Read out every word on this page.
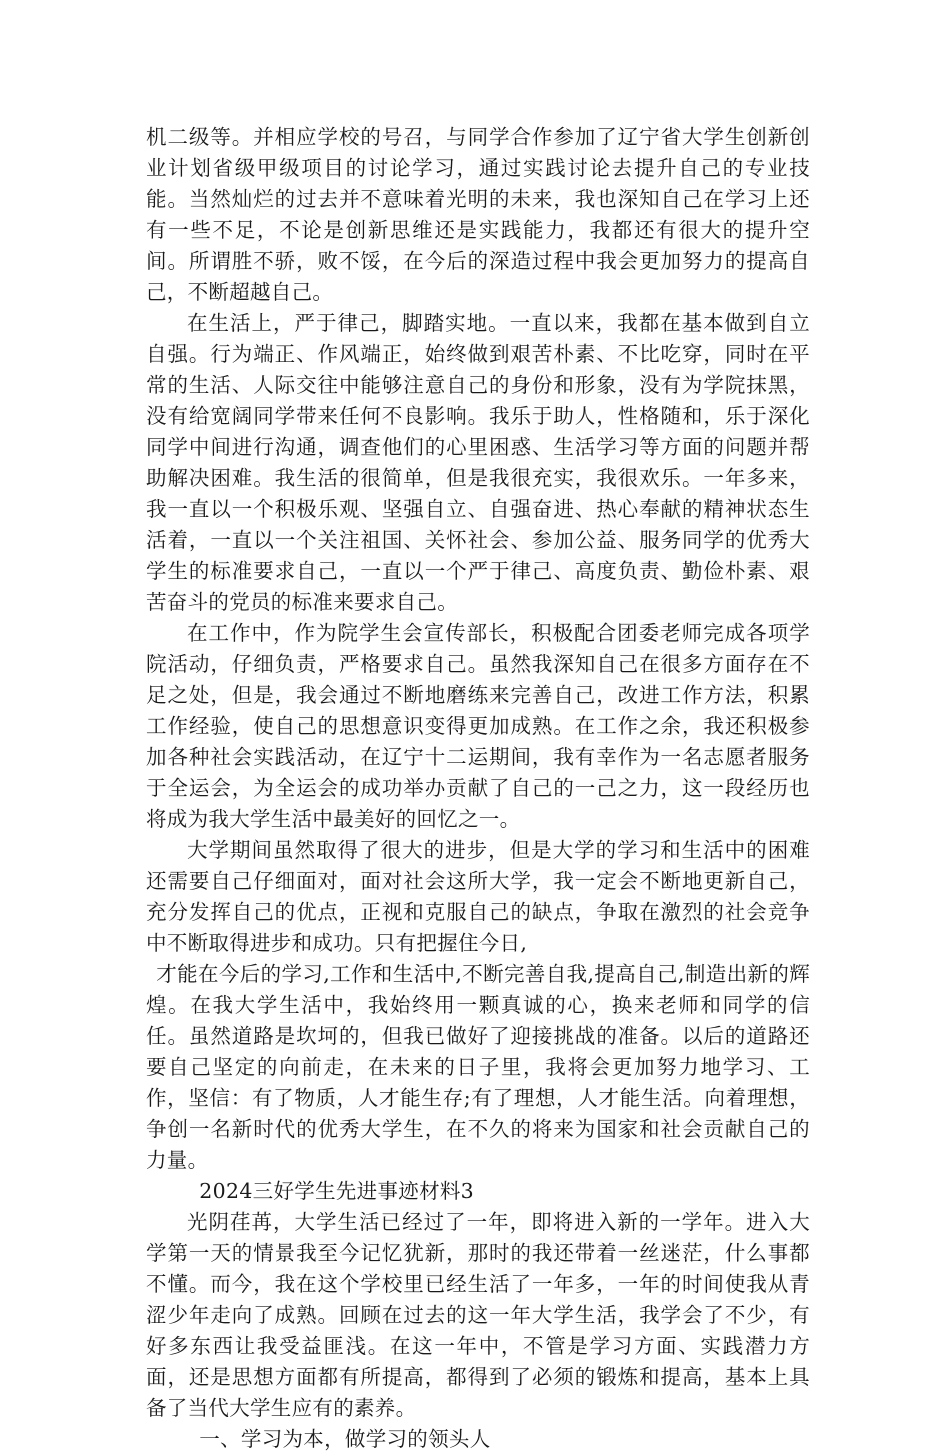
机二级等。并相应学校的号召，与同学合作参加了辽宁省大学生创新创业计划省级甲级项目的讨论学习，通过实践讨论去提升自己的专业技能。当然灿烂的过去并不意味着光明的未来，我也深知自己在学习上还有一些不足，不论是创新思维还是实践能力，我都还有很大的提升空间。所谓胜不骄，败不馁，在今后的深造过程中我会更加努力的提高自己，不断超越自己。

在生活上，严于律己，脚踏实地。一直以来，我都在基本做到自立自强。行为端正、作风端正，始终做到艰苦朴素、不比吃穿，同时在平常的生活、人际交往中能够注意自己的身份和形象，没有为学院抹黑，没有给宽阔同学带来任何不良影响。我乐于助人，性格随和，乐于深化同学中间进行沟通，调查他们的心里困惑、生活学习等方面的问题并帮助解决困难。我生活的很简单，但是我很充实，我很欢乐。一年多来，我一直以一个积极乐观、坚强自立、自强奋进、热心奉献的精神状态生活着，一直以一个关注祖国、关怀社会、参加公益、服务同学的优秀大学生的标准要求自己，一直以一个严于律己、高度负责、勤俭朴素、艰苦奋斗的党员的标准来要求自己。

在工作中，作为院学生会宣传部长，积极配合团委老师完成各项学院活动，仔细负责，严格要求自己。虽然我深知自己在很多方面存在不足之处，但是，我会通过不断地磨练来完善自己，改进工作方法，积累工作经验，使自己的思想意识变得更加成熟。在工作之余，我还积极参加各种社会实践活动，在辽宁十二运期间，我有幸作为一名志愿者服务于全运会，为全运会的成功举办贡献了自己的一己之力，这一段经历也将成为我大学生活中最美好的回忆之一。

大学期间虽然取得了很大的进步，但是大学的学习和生活中的困难还需要自己仔细面对，面对社会这所大学，我一定会不断地更新自己，充分发挥自己的优点，正视和克服自己的缺点，争取在激烈的社会竞争中不断取得进步和成功。只有把握住今日,

才能在今后的学习,工作和生活中,不断完善自我,提高自己,制造出新的辉煌。在我大学生活中，我始终用一颗真诚的心，换来老师和同学的信任。虽然道路是坎坷的，但我已做好了迎接挑战的准备。以后的道路还要自己坚定的向前走，在未来的日子里，我将会更加努力地学习、工作，坚信：有了物质，人才能生存;有了理想，人才能生活。向着理想，争创一名新时代的优秀大学生，在不久的将来为国家和社会贡献自己的力量。

2024三好学生先进事迹材料3

光阴荏苒，大学生活已经过了一年，即将进入新的一学年。进入大学第一天的情景我至今记忆犹新，那时的我还带着一丝迷茫，什么事都不懂。而今，我在这个学校里已经生活了一年多，一年的时间使我从青涩少年走向了成熟。回顾在过去的这一年大学生活，我学会了不少，有好多东西让我受益匪浅。在这一年中，不管是学习方面、实践潜力方面，还是思想方面都有所提高，都得到了必须的锻炼和提高，基本上具备了当代大学生应有的素养。

一、学习为本，做学习的领头人
